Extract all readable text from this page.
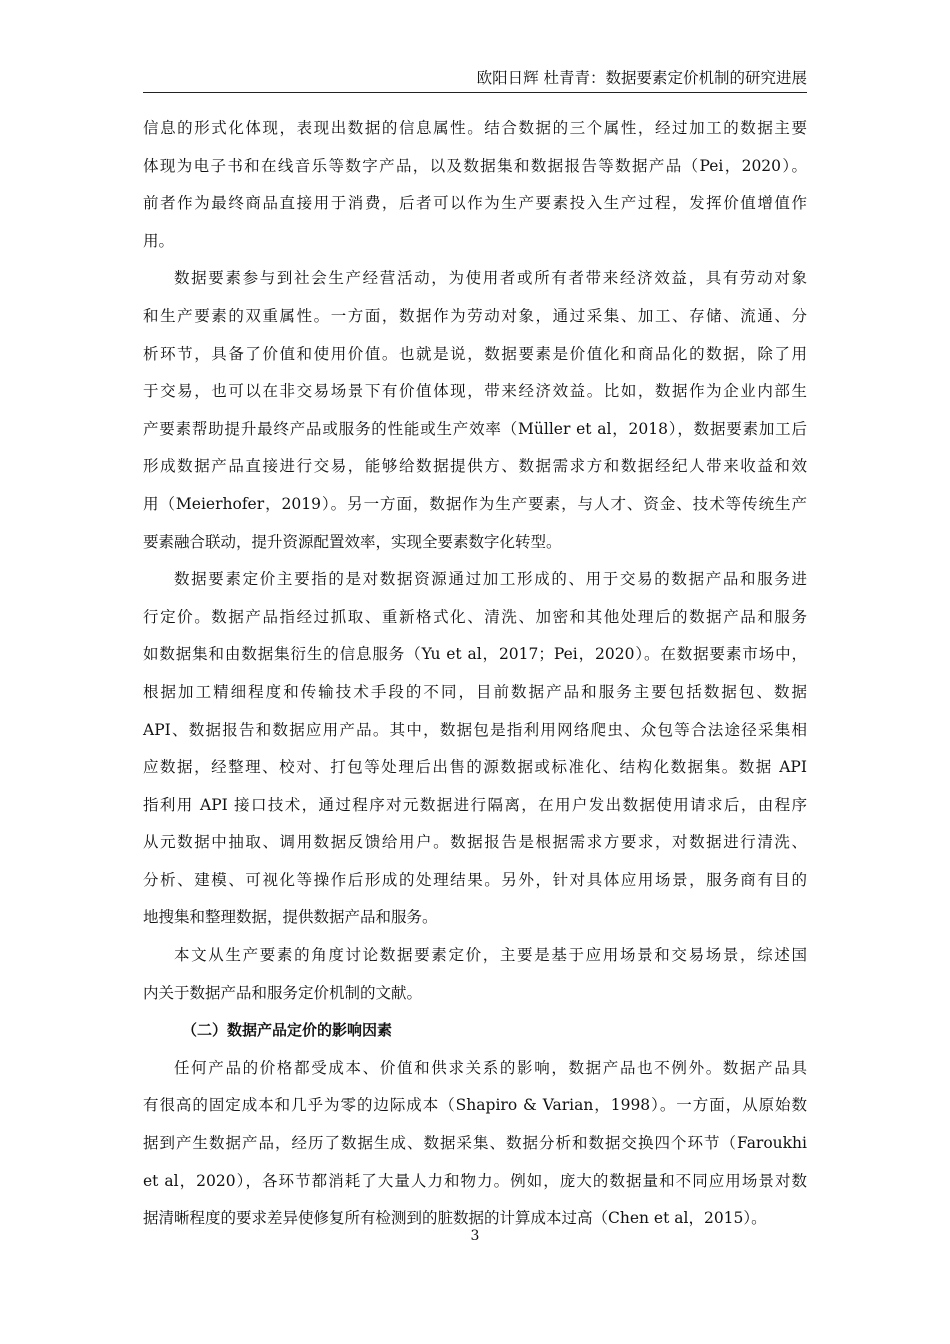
欧阳日辉 杜青青：数据要素定价机制的研究进展
信息的形式化体现，表现出数据的信息属性。结合数据的三个属性，经过加工的数据主要
体现为电子书和在线音乐等数字产品，以及数据集和数据报告等数据产品（Pei，2020）。
前者作为最终商品直接用于消费，后者可以作为生产要素投入生产过程，发挥价值增值作
用。
数据要素参与到社会生产经营活动，为使用者或所有者带来经济效益，具有劳动对象
和生产要素的双重属性。一方面，数据作为劳动对象，通过采集、加工、存储、流通、分
析环节，具备了价值和使用价值。也就是说，数据要素是价值化和商品化的数据，除了用
于交易，也可以在非交易场景下有价值体现，带来经济效益。比如，数据作为企业内部生
产要素帮助提升最终产品或服务的性能或生产效率（Müller et al，2018），数据要素加工后
形成数据产品直接进行交易，能够给数据提供方、数据需求方和数据经纪人带来收益和效
用（Meierhofer，2019）。另一方面，数据作为生产要素，与人才、资金、技术等传统生产
要素融合联动，提升资源配置效率，实现全要素数字化转型。
数据要素定价主要指的是对数据资源通过加工形成的、用于交易的数据产品和服务进
行定价。数据产品指经过抓取、重新格式化、清洗、加密和其他处理后的数据产品和服务
如数据集和由数据集衍生的信息服务（Yu et al，2017；Pei，2020）。在数据要素市场中，
根据加工精细程度和传输技术手段的不同，目前数据产品和服务主要包括数据包、数据
API、数据报告和数据应用产品。其中，数据包是指利用网络爬虫、众包等合法途径采集相
应数据，经整理、校对、打包等处理后出售的源数据或标准化、结构化数据集。数据 API
指利用 API 接口技术，通过程序对元数据进行隔离，在用户发出数据使用请求后，由程序
从元数据中抽取、调用数据反馈给用户。数据报告是根据需求方要求，对数据进行清洗、
分析、建模、可视化等操作后形成的处理结果。另外，针对具体应用场景，服务商有目的
地搜集和整理数据，提供数据产品和服务。
本文从生产要素的角度讨论数据要素定价，主要是基于应用场景和交易场景，综述国
内关于数据产品和服务定价机制的文献。
（二）数据产品定价的影响因素
任何产品的价格都受成本、价值和供求关系的影响，数据产品也不例外。数据产品具
有很高的固定成本和几乎为零的边际成本（Shapiro & Varian，1998）。一方面，从原始数
据到产生数据产品，经历了数据生成、数据采集、数据分析和数据交换四个环节（Faroukhi
et al，2020），各环节都消耗了大量人力和物力。例如，庞大的数据量和不同应用场景对数
据清晰程度的要求差异使修复所有检测到的脏数据的计算成本过高（Chen et al，2015）。
3
